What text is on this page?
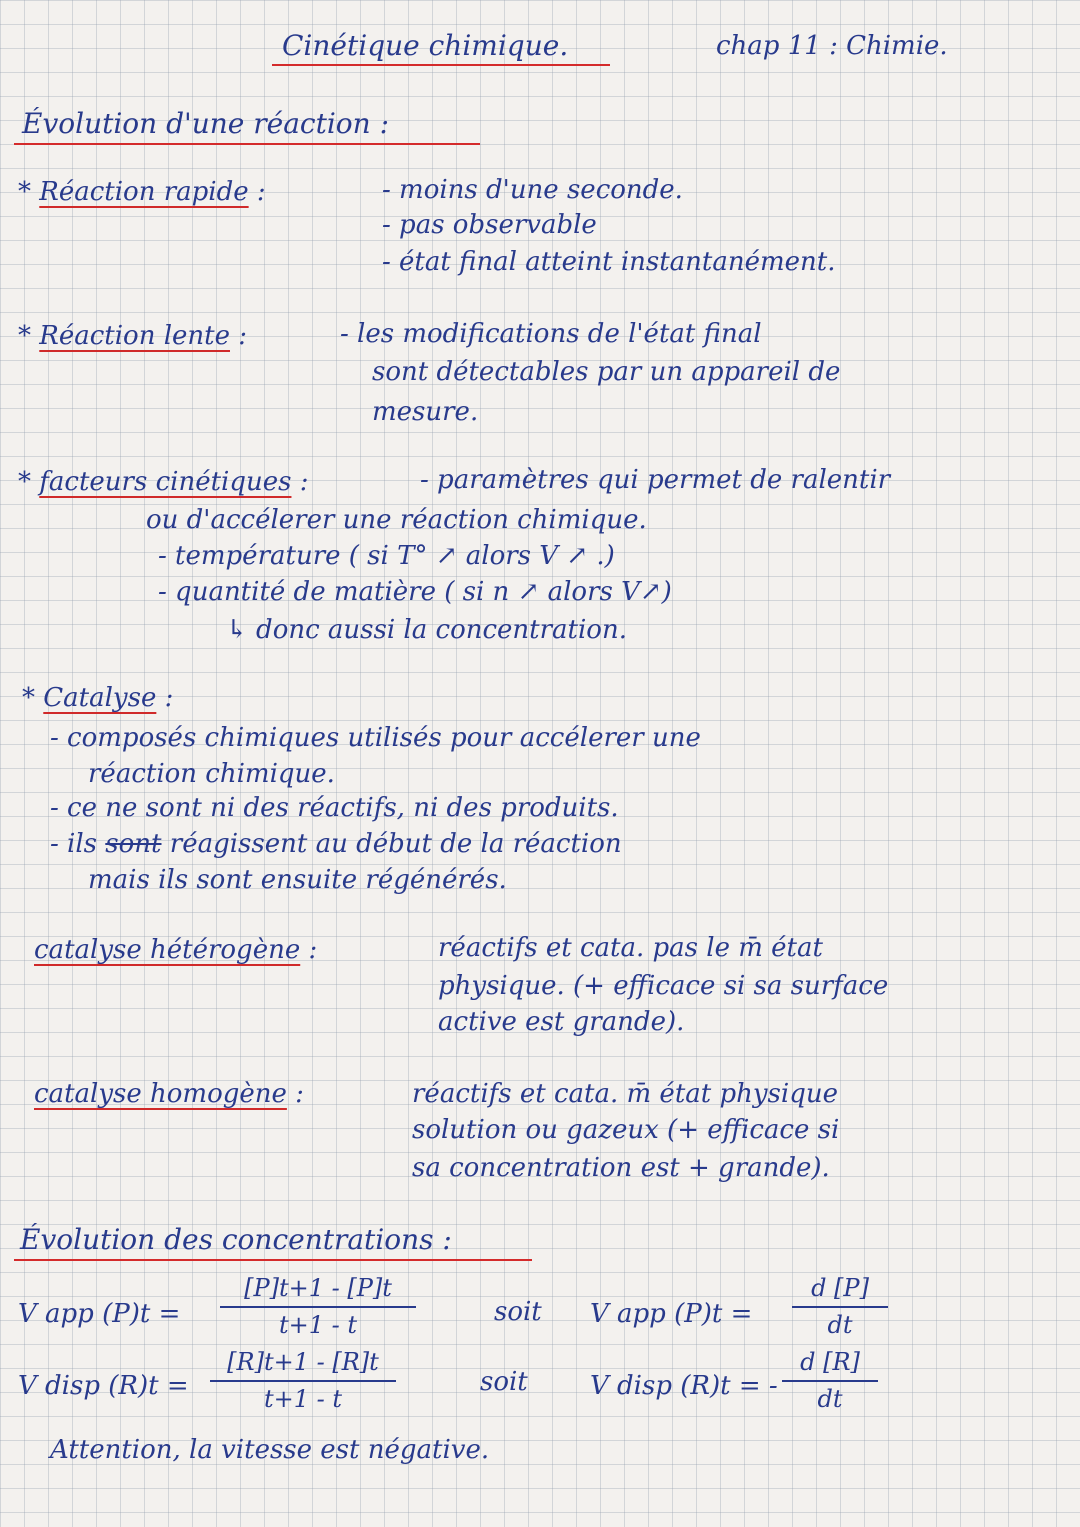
Cinétique chimique.	chap 11 : Chimie.
Évolution d'une réaction :
* Réaction rapide :	- moins d'une seconde.
- pas observable
- état final atteint instantanément.
* Réaction lente :	- les modifications de l'état final
sont détectables par un appareil de
mesure.
* facteurs cinétiques :	- paramètres qui permet de ralentir
ou d'accélerer une réaction chimique.
- température ( si T° ↗ alors V ↗ .)
- quantité de matière ( si n ↗ alors V↗)
↳ donc aussi la concentration.
* Catalyse :
- composés chimiques utilisés pour accélerer une
réaction chimique.
- ce ne sont ni des réactifs, ni des produits.
- ils sont réagissent au début de la réaction
mais ils sont ensuite régénérés.
catalyse hétérogène :	réactifs et cata. pas le m̄ état
physique. (+ efficace si sa surface
active est grande).
catalyse homogène :	réactifs et cata. m̄ état physique
solution ou gazeux (+ efficace si
sa concentration est + grande).
Évolution des concentrations :
V app $(P)t = \frac{[P]t+1 - [P]t}{t+1 - t}$	soit V app $(P)t = \frac{d [P]}{dt}$
V disp $(R)t = \frac{[R]t+1 - [R]t}{t+1 - t}$	soit V disp (R)t = - $\frac{d [R]}{dt}$
Attention, la vitesse est négative.
